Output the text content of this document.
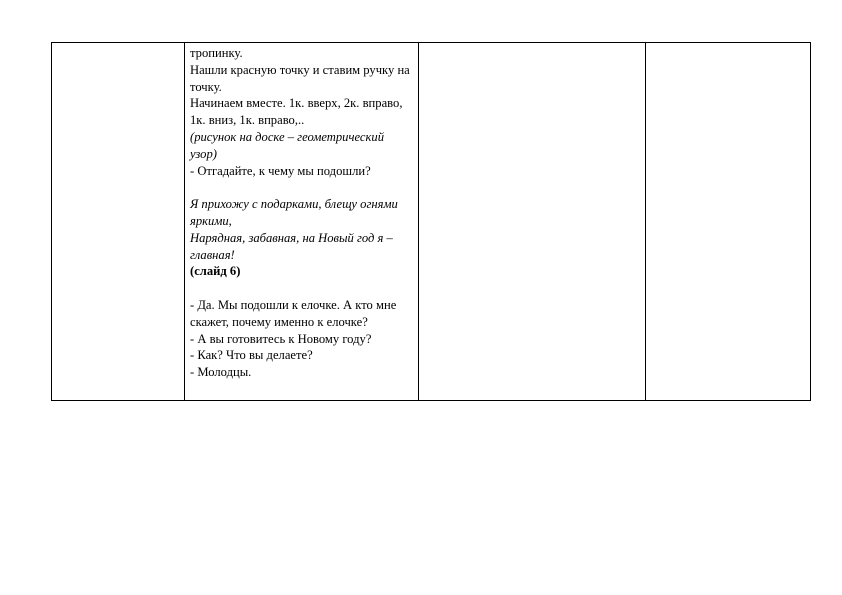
тропинку.

Нашли красную точку и ставим ручку на точку.

Начинаем вместе. 1к. вверх, 2к. вправо, 1к. вниз, 1к. вправо,..

(рисунок на доске – геометрический узор)

- Отгадайте, к чему мы подошли?

Я прихожу с подарками, блещу огнями яркими,

Нарядная, забавная, на Новый год я – главная!

(слайд 6)

- Да. Мы подошли к елочке. А кто мне скажет, почему именно к елочке?

- А вы готовитесь к Новому году?

- Как? Что вы делаете?

- Молодцы.
